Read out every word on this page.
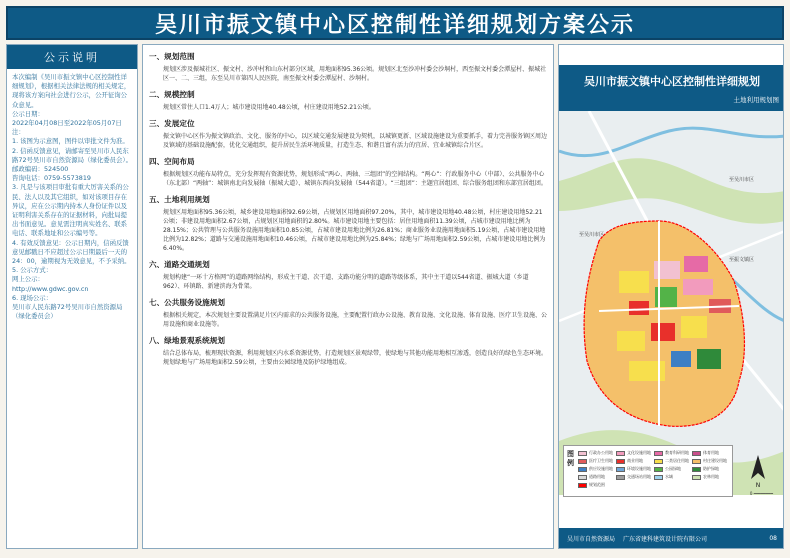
吴川市振文镇中心区控制性详细规划方案公示
公示说明

本次编制《吴川市振文镇中心区控制性详细规划》，根据相关法律法规的相关规定，现将该方案向社会进行公示，公开征询公众意见。

公示日期：

2022年04月08日至2022年05月07日

注：

1. 该图为示意图，图件以审批文件为准。

2. 信函反馈意见，请邮寄至吴川市人民东路72号吴川市自然资源局（绿化委员会）。

邮政编码：524500

咨询电话：0759-5573819

3. 凡是与该项目审批有重大厉害关系的公民、法人以及其它组织，如对该项目存在异议，应在公示期内持本人身份证件以及证明利害关系存在的证据材料，向批局提出书面意见。意见需注明真实姓名、联系电话、联系地址和公示编号等。

4. 有效反馈意见：公示日期内，信函反馈意见邮戳日不应超过公示日期最后一天的24：00，逾期视为无效意见，不予采纳。

5. 公示方式：

网上公示：

http://www.gdwc.gov.cn

6. 现场公示：

吴川市人民东路72号吴川市自然资源局（绿化委员会）

一、规划范围

规划区涉及振城社区、振文村、沙冲村和山东村部分区域，用地面积95.36公顷。规划区北至沙冲村委会沙垌村，西至振文村委会潭屋村、振城社区一、二、三组，东至吴川市第四人民医院，南至振文村委会潭屋村、沙垌村。

二、规模控制

规划区常住人口1.4万人；城市建设用地40.48公顷，村庄建设用地52.21公顷。

三、发展定位

振文镇中心区作为振文镇政治、文化、服务的中心，以区域交通发展建设为契机，以城镇更新、区域设施建设为重要抓手，着力完善服务镇区周边及镇域的基础设施配套，优化交通组织，提升居民生活环境质量，打造生态、和谐且富有活力的宜居、宜业城镇综合片区。

四、空间布局

根据规划区功能布局特点，充分发挥现有资源优势，规划形成“两心、两轴、三组团”的空间结构。“两心”：行政服务中心（中部）、公共服务中心（东北部）“两轴”：城镇南北向发展轴（振城大道）、城镇东西向发展轴（544省道）。“三组团”：主题宜居组团、综合服务组团和东部宜居组团。

五、土地利用规划

规划区用地面积95.36公顷，城乡建设用地面积92.69公顷，占规划区用地面积97.20%，其中，城市建设用地40.48公顷，村庄建设用地52.21公顷；非建设用地面积2.67公顷，占规划区用地面积的2.80%。城市建设用地主要包括：居住用地面积11.39公顷，占城市建设用地比例为28.15%；公共管理与公共服务设施用地面积10.85公顷，占城市建设用地比例为26.81%；商业服务业设施用地面积5.19公顷，占城市建设用地比例为12.82%；道路与交通设施用地面积10.46公顷，占城市建设用地比例为25.84%；绿地与广场用地面积2.59公顷，占城市建设用地比例为6.40%。

六、道路交通规划

规划构建“一环十方格网”的道路网络结构，形成主干道、次干道、支路功能分明的道路等级体系，其中主干道以544省道、振城大道（乡道962）、环镇路、新建滨海为骨架。

七、公共服务设施规划

根据相关规定，本次规划主要设置满足片区内需求的公共服务设施，主要配置行政办公设施、教育设施、文化设施、体育设施、医疗卫生设施、公用设施和商业设施等。

八、绿地景观系统规划

结合总体布局，梳理现状资源，利用规划区内水系资源优势，打造规划区景观绿带，使绿地与其他功能用地相互渗透，创造良好的绿色生态环境。规划绿地与广场用地面积2.59公顷，主要由公园绿地及防护绿地组成。

吴川市振文镇中心区控制性详细规划
土地利用规划图
至吴川市区
至吴川市区
至振文镇区
图例
行政办公用地	文化设施用地	教育科研用地	体育用地
医疗卫生用地	商业用地	二类居住用地	村庄建设用地
供应设施用地	环境设施用地	公园绿地	防护绿地
道路用地	交通场站用地	水域	农林用地
规划范围	N
0 ━━━━━━━━
吴川市自然资源局 广东省建科建筑设计院有限公司	08
